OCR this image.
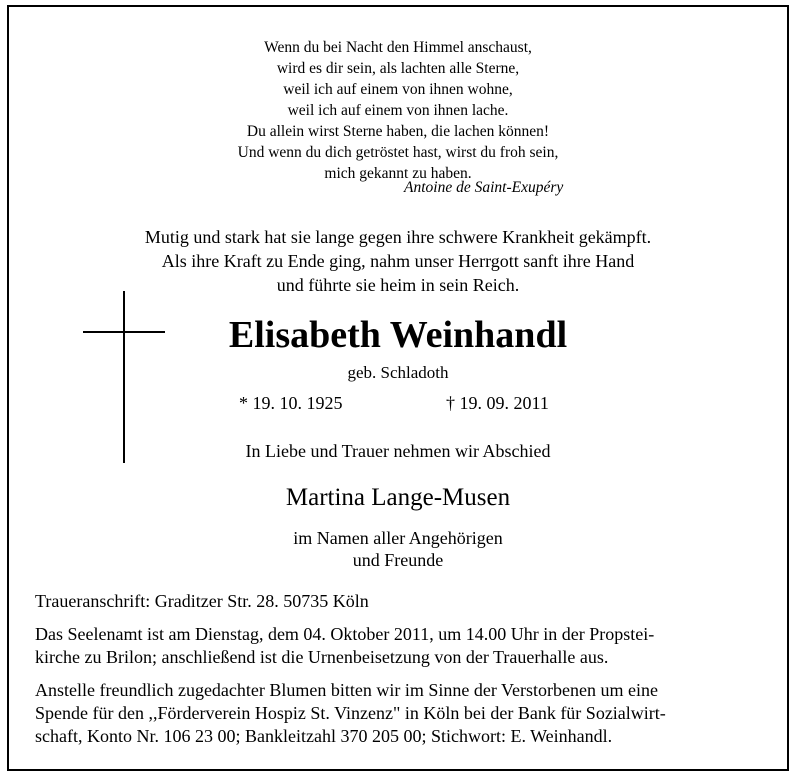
Wenn du bei Nacht den Himmel anschaust,
wird es dir sein, als lachten alle Sterne,
weil ich auf einem von ihnen wohne,
weil ich auf einem von ihnen lache.
Du allein wirst Sterne haben, die lachen können!
Und wenn du dich getröstet hast, wirst du froh sein,
mich gekannt zu haben.
Antoine de Saint-Exupéry
Mutig und stark hat sie lange gegen ihre schwere Krankheit gekämpft.
Als ihre Kraft zu Ende ging, nahm unser Herrgott sanft ihre Hand
und führte sie heim in sein Reich.
Elisabeth Weinhandl
geb. Schladoth
* 19. 10. 1925	† 19. 09. 2011
In Liebe und Trauer nehmen wir Abschied
Martina Lange-Musen
im Namen aller Angehörigen
und Freunde
Traueranschrift: Graditzer Str. 28. 50735 Köln
Das Seelenamt ist am Dienstag, dem 04. Oktober 2011, um 14.00 Uhr in der Propstei-
kirche zu Brilon; anschließend ist die Urnenbeisetzung von der Trauerhalle aus.
Anstelle freundlich zugedachter Blumen bitten wir im Sinne der Verstorbenen um eine
Spende für den ,,Förderverein Hospiz St. Vinzenz" in Köln bei der Bank für Sozialwirt-
schaft, Konto Nr. 106 23 00; Bankleitzahl 370 205 00; Stichwort: E. Weinhandl.
